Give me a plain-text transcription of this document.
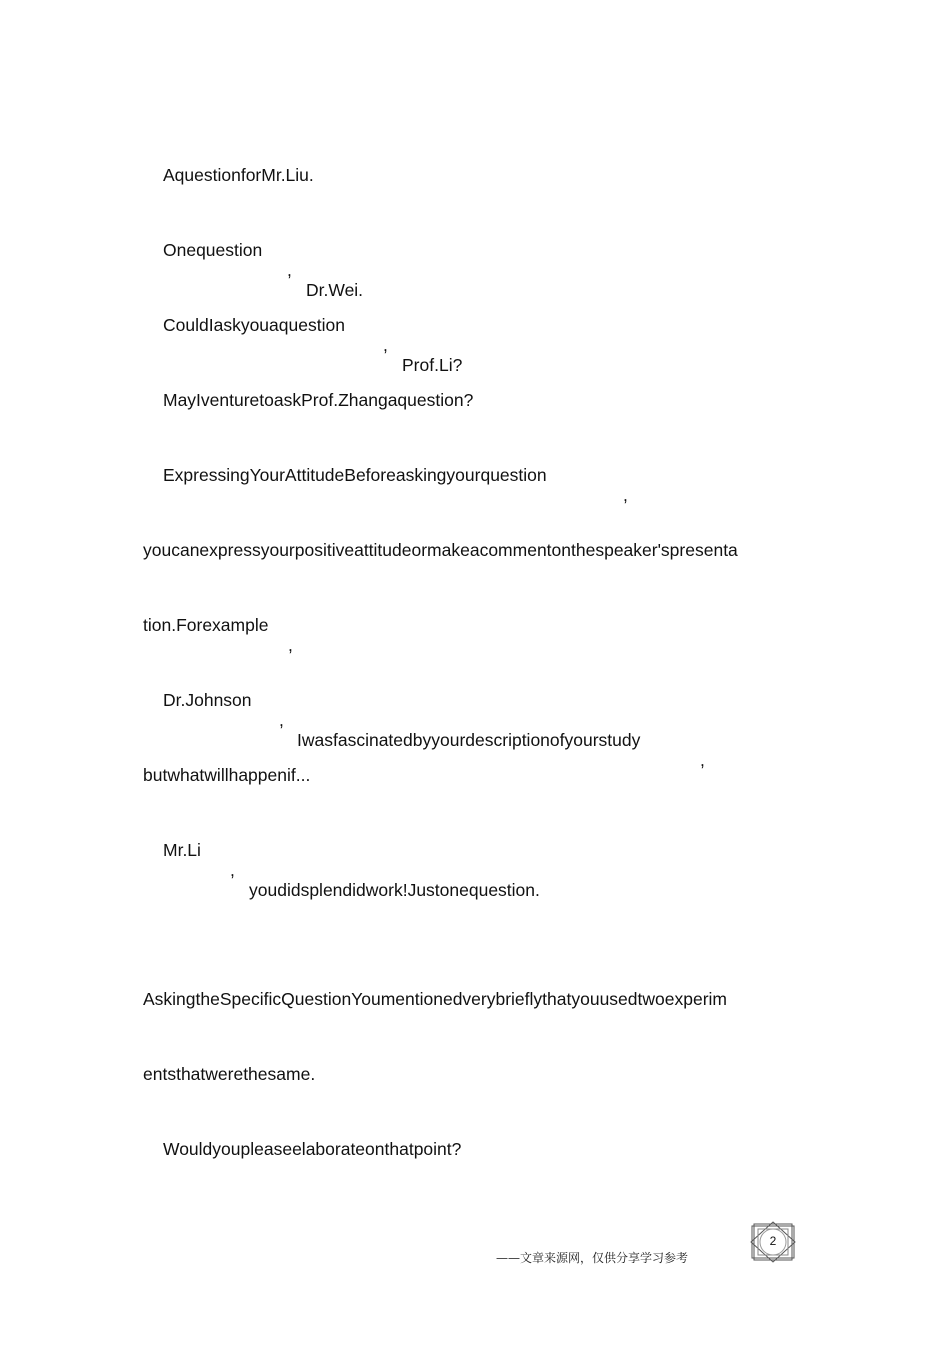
AquestionforMr.Liu.

Onequestion

,

Dr.Wei.

CouldIaskyouaquestion

,

Prof.Li?

MayIventuretoaskProf.Zhangaquestion?

ExpressingYourAttitudeBeforeaskingyourquestion

,

youcanexpressyourpositiveattitudeormakeacommentonthespeaker'spresenta

tion.Forexample

,

Dr.Johnson

,

Iwasfascinatedbyyourdescriptionofyourstudy

,

butwhatwillhappenif...

Mr.Li

,

youdidsplendidwork!Justonequestion.

AskingtheSpecificQuestionYoumentionedverybrieflythatyouusedtwoexperim

entsthatwerethesame.

Wouldyoupleaseelaborateonthatpoint?

2
——文章来源网，仅供分享学习参考
